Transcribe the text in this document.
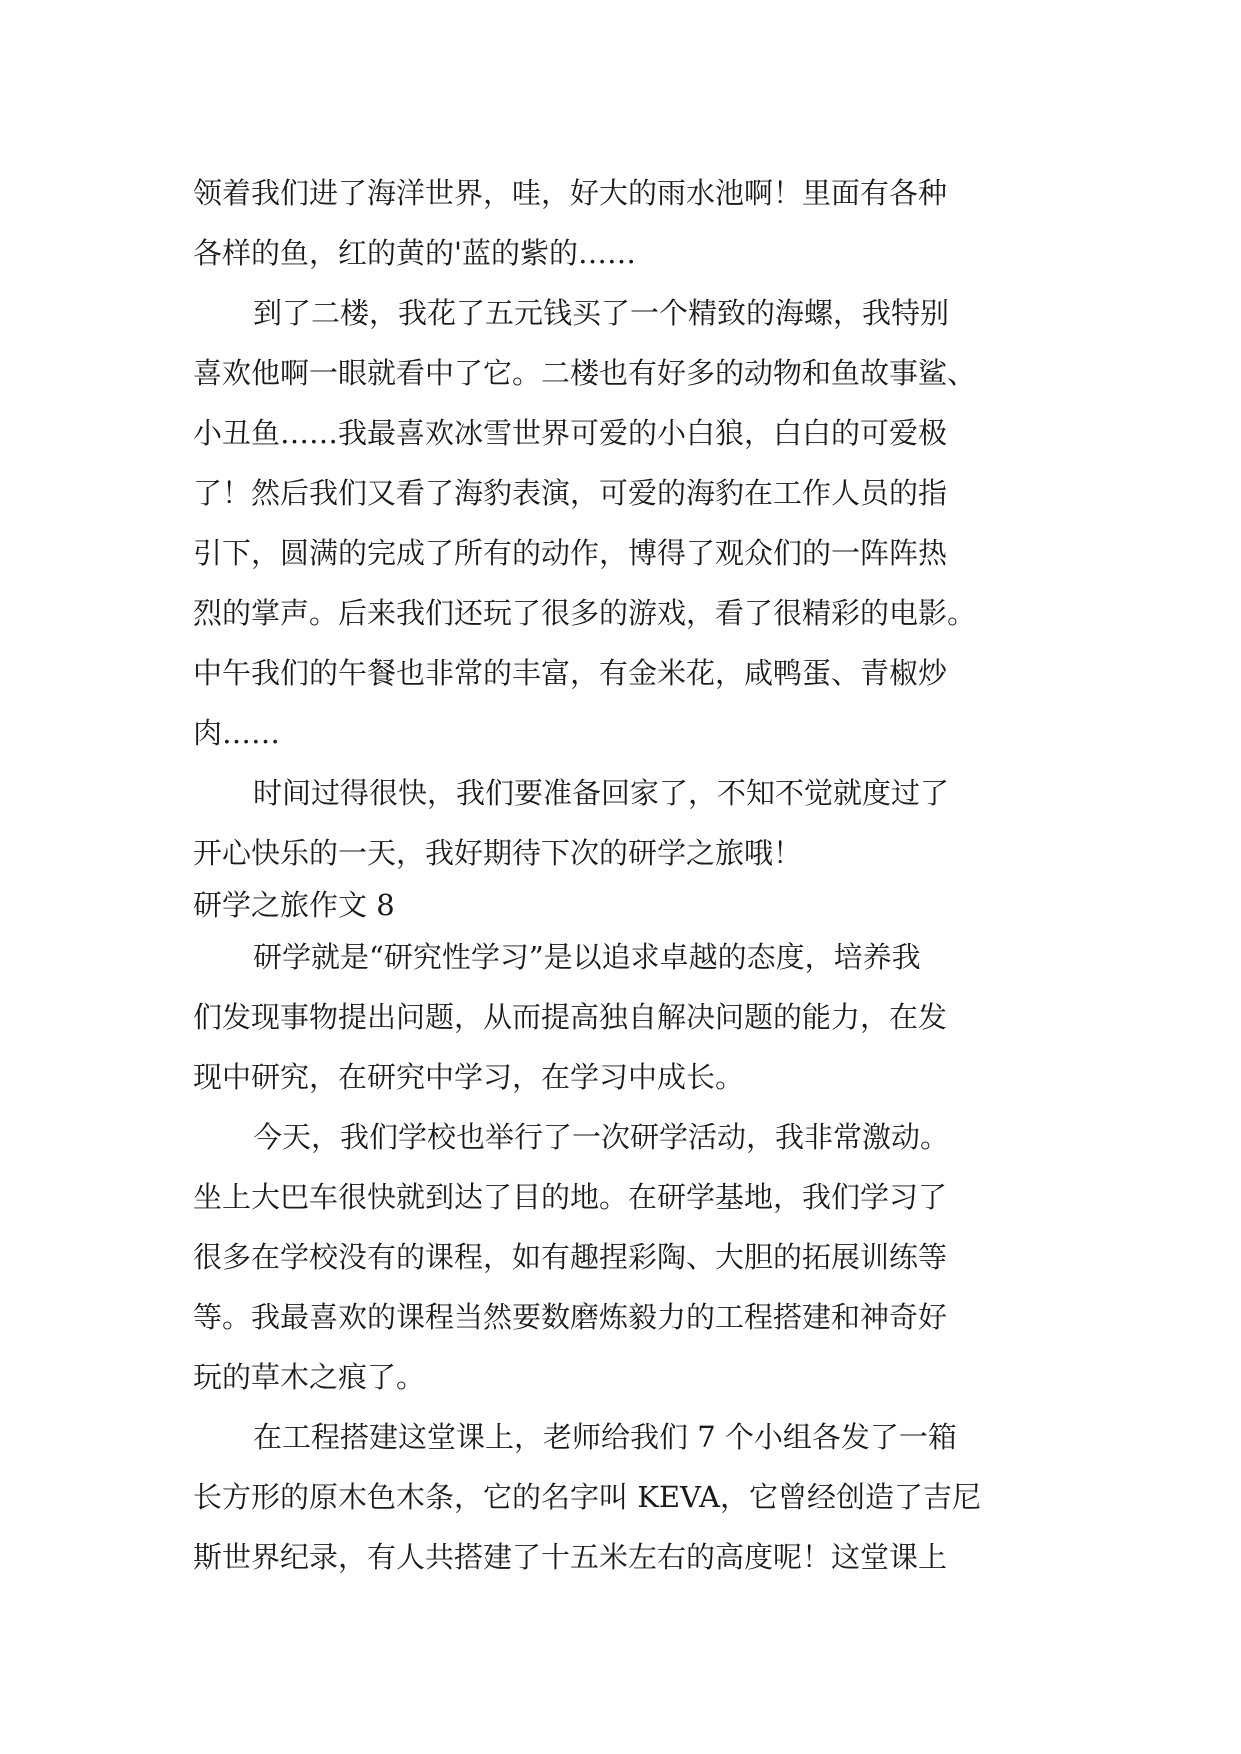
领着我们进了海洋世界，哇，好大的雨水池啊！里面有各种
各样的鱼，红的黄的'蓝的紫的……
到了二楼，我花了五元钱买了一个精致的海螺，我特别
喜欢他啊一眼就看中了它。二楼也有好多的动物和鱼故事鲨、
小丑鱼……我最喜欢冰雪世界可爱的小白狼，白白的可爱极
了！然后我们又看了海豹表演，可爱的海豹在工作人员的指
引下，圆满的完成了所有的动作，博得了观众们的一阵阵热
烈的掌声。后来我们还玩了很多的游戏，看了很精彩的电影。
中午我们的午餐也非常的丰富，有金米花，咸鸭蛋、青椒炒
肉……
时间过得很快，我们要准备回家了，不知不觉就度过了
开心快乐的一天，我好期待下次的研学之旅哦！
研学之旅作文 8
研学就是“研究性学习”是以追求卓越的态度，培养我
们发现事物提出问题，从而提高独自解决问题的能力，在发
现中研究，在研究中学习，在学习中成长。
今天，我们学校也举行了一次研学活动，我非常激动。
坐上大巴车很快就到达了目的地。在研学基地，我们学习了
很多在学校没有的课程，如有趣捏彩陶、大胆的拓展训练等
等。我最喜欢的课程当然要数磨炼毅力的工程搭建和神奇好
玩的草木之痕了。
在工程搭建这堂课上，老师给我们 7 个小组各发了一箱
长方形的原木色木条，它的名字叫 KEVA，它曾经创造了吉尼
斯世界纪录，有人共搭建了十五米左右的高度呢！这堂课上
